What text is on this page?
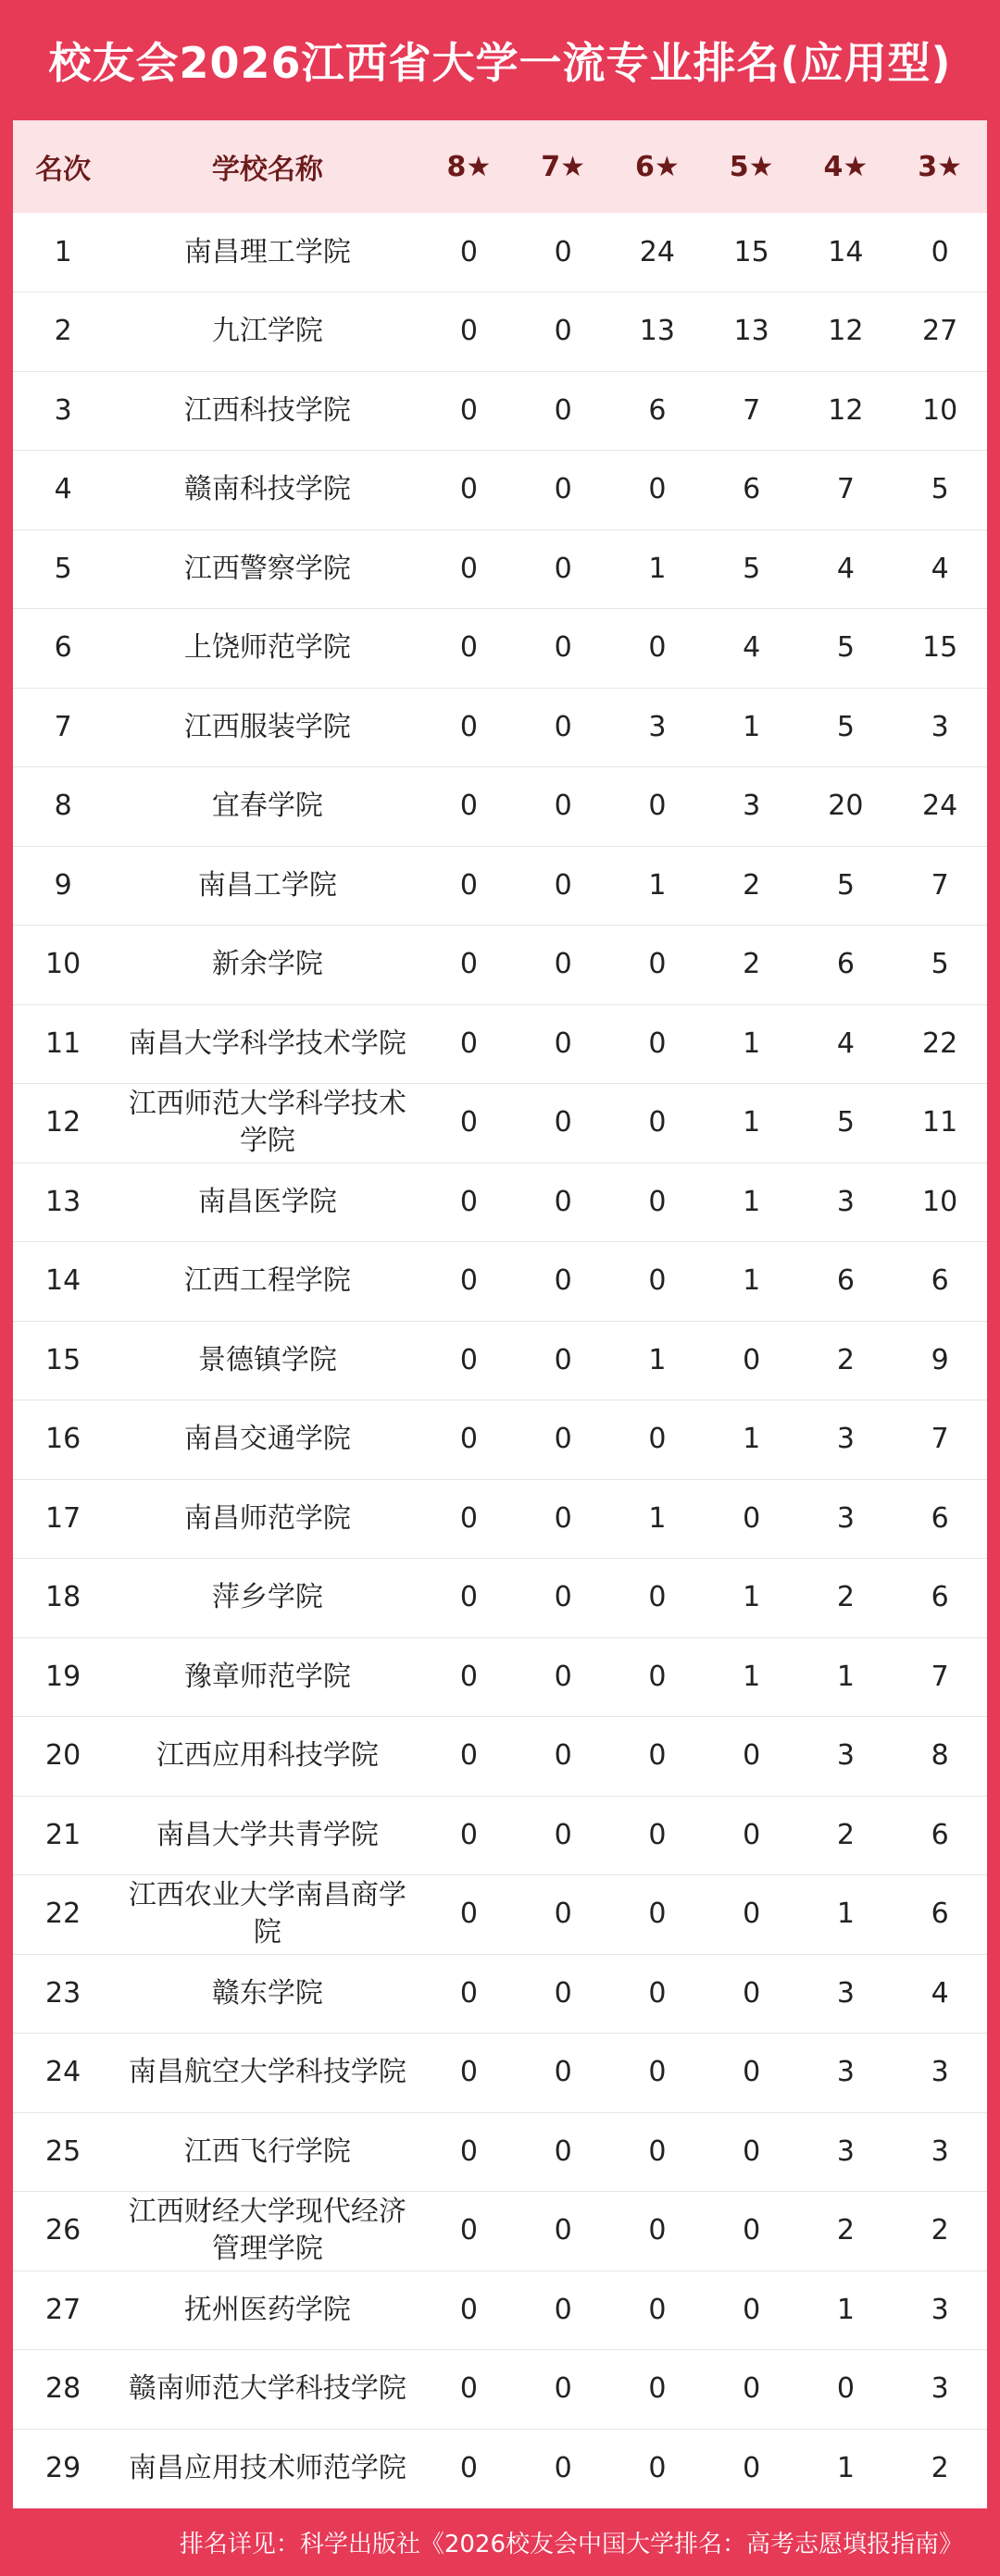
校友会2026江西省大学一流专业排名(应用型)
名次	学校名称	8★	7★	6★	5★	4★	3★
1	南昌理工学院	0	0	24	15	14	0
2	九江学院	0	0	13	13	12	27
3	江西科技学院	0	0	6	7	12	10
4	赣南科技学院	0	0	0	6	7	5
5	江西警察学院	0	0	1	5	4	4
6	上饶师范学院	0	0	0	4	5	15
7	江西服装学院	0	0	3	1	5	3
8	宜春学院	0	0	0	3	20	24
9	南昌工学院	0	0	1	2	5	7
10	新余学院	0	0	0	2	6	5
11	南昌大学科学技术学院	0	0	0	1	4	22
12	江西师范大学科学技术学院	0	0	0	1	5	11
13	南昌医学院	0	0	0	1	3	10
14	江西工程学院	0	0	0	1	6	6
15	景德镇学院	0	0	1	0	2	9
16	南昌交通学院	0	0	0	1	3	7
17	南昌师范学院	0	0	1	0	3	6
18	萍乡学院	0	0	0	1	2	6
19	豫章师范学院	0	0	0	1	1	7
20	江西应用科技学院	0	0	0	0	3	8
21	南昌大学共青学院	0	0	0	0	2	6
22	江西农业大学南昌商学院	0	0	0	0	1	6
23	赣东学院	0	0	0	0	3	4
24	南昌航空大学科技学院	0	0	0	0	3	3
25	江西飞行学院	0	0	0	0	3	3
26	江西财经大学现代经济管理学院	0	0	0	0	2	2
27	抚州医药学院	0	0	0	0	1	3
28	赣南师范大学科技学院	0	0	0	0	0	3
29	南昌应用技术师范学院	0	0	0	0	1	2
排名详见：科学出版社《2026校友会中国大学排名：高考志愿填报指南》
